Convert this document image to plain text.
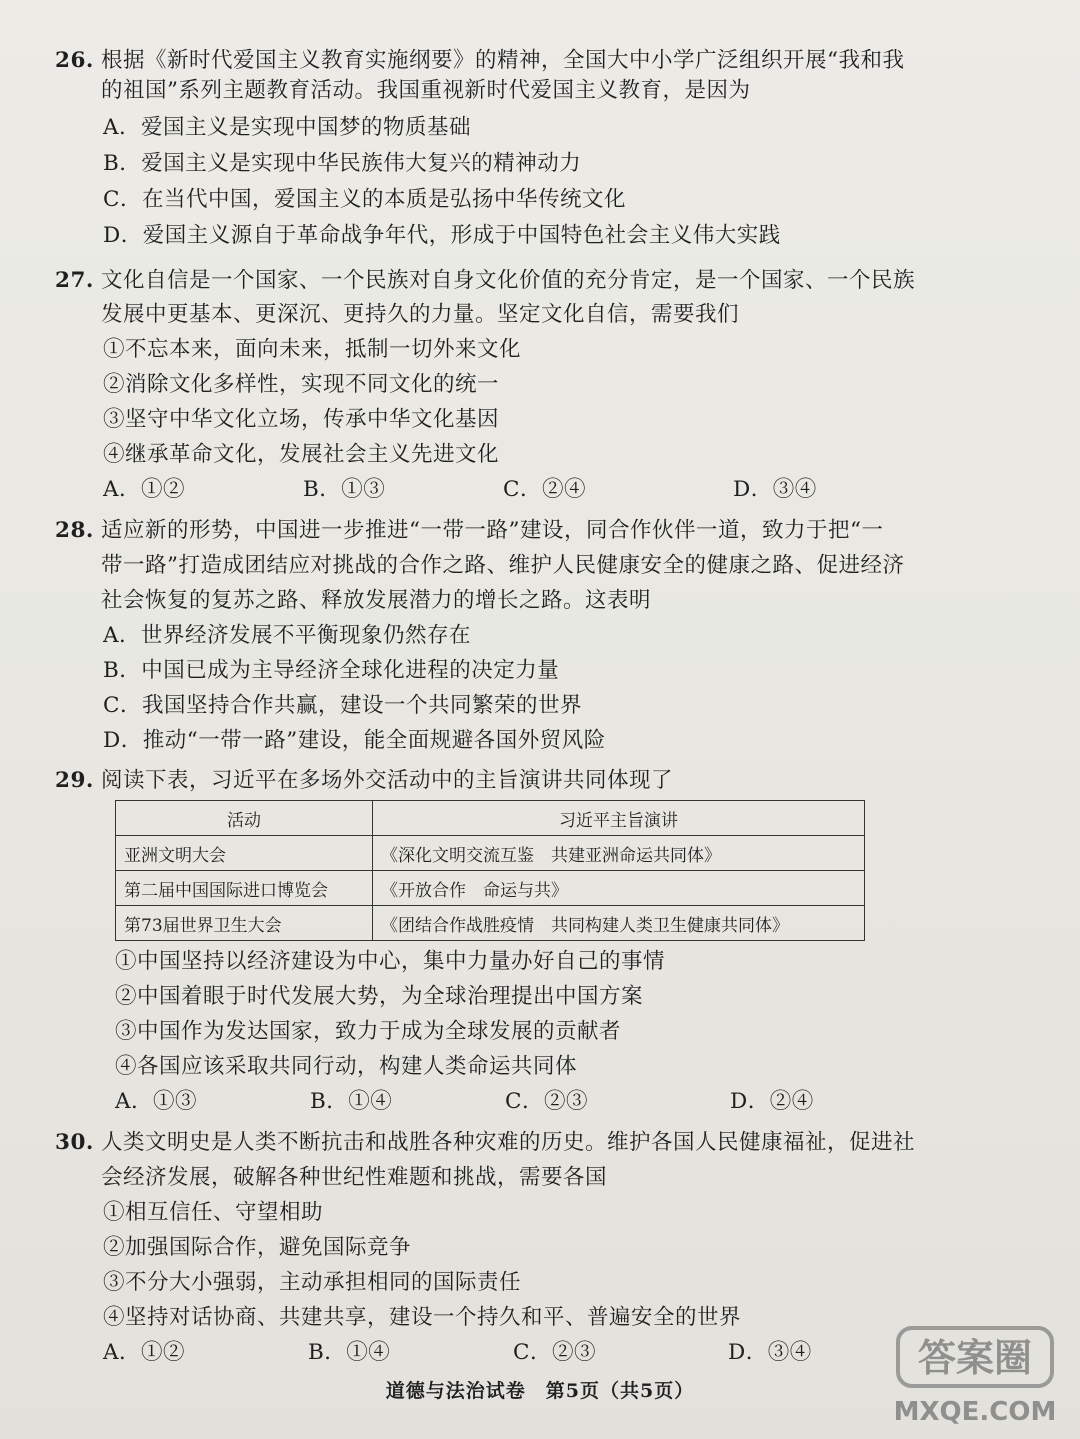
26. 根据《新时代爱国主义教育实施纲要》的精神，全国大中小学广泛组织开展“我和我
的祖国”系列主题教育活动。我国重视新时代爱国主义教育，是因为
A．爱国主义是实现中国梦的物质基础
B．爱国主义是实现中华民族伟大复兴的精神动力
C．在当代中国，爱国主义的本质是弘扬中华传统文化
D．爱国主义源自于革命战争年代，形成于中国特色社会主义伟大实践
27. 文化自信是一个国家、一个民族对自身文化价值的充分肯定，是一个国家、一个民族
发展中更基本、更深沉、更持久的力量。坚定文化自信，需要我们
①不忘本来，面向未来，抵制一切外来文化
②消除文化多样性，实现不同文化的统一
③坚守中华文化立场，传承中华文化基因
④继承革命文化，发展社会主义先进文化
A．①②	B．①③	C．②④	D．③④
28. 适应新的形势，中国进一步推进“一带一路”建设，同合作伙伴一道，致力于把“一
带一路”打造成团结应对挑战的合作之路、维护人民健康安全的健康之路、促进经济
社会恢复的复苏之路、释放发展潜力的增长之路。这表明
A．世界经济发展不平衡现象仍然存在
B．中国已成为主导经济全球化进程的决定力量
C．我国坚持合作共赢，建设一个共同繁荣的世界
D．推动“一带一路”建设，能全面规避各国外贸风险
29. 阅读下表，习近平在多场外交活动中的主旨演讲共同体现了
活动	习近平主旨演讲
亚洲文明大会	《深化文明交流互鉴　共建亚洲命运共同体》
第二届中国国际进口博览会	《开放合作　命运与共》
第73届世界卫生大会	《团结合作战胜疫情　共同构建人类卫生健康共同体》
①中国坚持以经济建设为中心，集中力量办好自己的事情
②中国着眼于时代发展大势，为全球治理提出中国方案
③中国作为发达国家，致力于成为全球发展的贡献者
④各国应该采取共同行动，构建人类命运共同体
A．①③	B．①④	C．②③	D．②④
30. 人类文明史是人类不断抗击和战胜各种灾难的历史。维护各国人民健康福祉，促进社
会经济发展，破解各种世纪性难题和挑战，需要各国
①相互信任、守望相助
②加强国际合作，避免国际竞争
③不分大小强弱，主动承担相同的国际责任
④坚持对话协商、共建共享，建设一个持久和平、普遍安全的世界
A．①②	B．①④	C．②③	D．③④
道德与法治试卷　第5页（共5页）
答案圈
MXQE.COM
